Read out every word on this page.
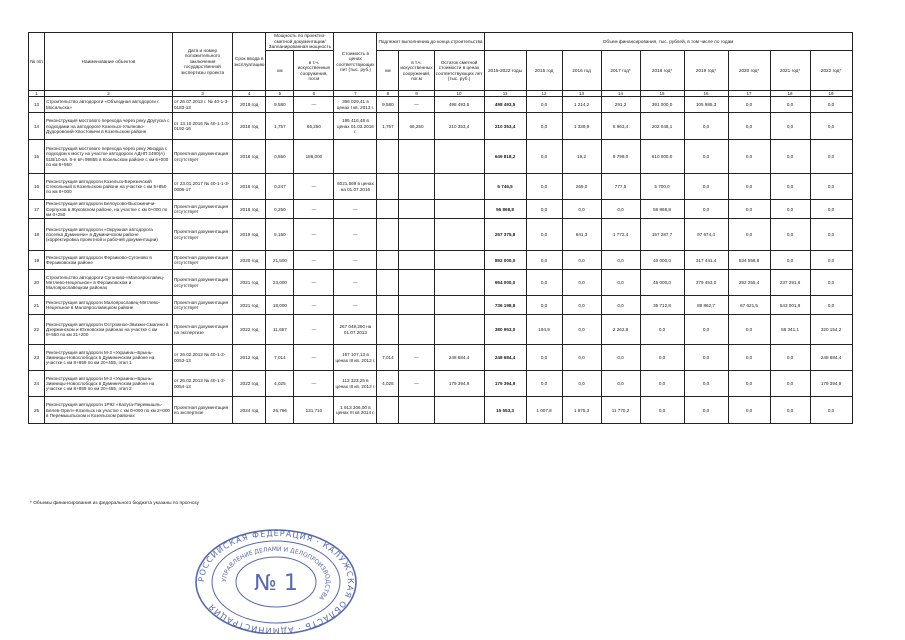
№ п/п	Наименование объектов	Дата и номер положительного заключения государственной экспертизы проекта	Срок ввода в эксплуатацию	Мощность по проектно-сметной документации/ Запланированная мощность		Стоимость в ценах соответствующих лет (тыс. руб.)	Подлежит выполнению до конца строительства			Объем финансирования, тыс. рублей, в том числе по годам								
				км	в т.ч. искусственные сооружения, пог.м		км	в т.ч. искусственных сооружений, пог.м	Остаток сметной стоимости в ценах соответствующих лет (тыс. руб.)	2015-2022 годы	2015 год	2016 год	2017 год*	2018 год*	2019 год*	2020 год*	2021 год*	2022 год*
1	2	3	4	5	6	7	8	9	10	11	12	13	14	15	16	17	18	19
13	Строительство автодороги «Объездная автодороги г. Мосальска»	от 26.07.2013 г. № 40-1-3-0183-13	2019 год	9,580	—	366 029,41 в ценах I кв. 2013 г.	9,580	—	498 493,5	498 493,5	0,0	1 214,2	291,2	391 000,0	105 985,3	0,0	0,0	0,0
14	Реконструкция мостового перехода через реку Другуска с подходами на автодороге Козельск-Ульяново-Дудоровский-Хвостовичи в Козельском районе	от 13.10.2016 № 40-1-1-3-0192-16	2018 год	1,757	66,250	195 416,48 в ценах 01.03.2016 г.	1,757	66,250	210 353,4	210 353,4	0,0	1 339,9	6 963,4	202 048,1	0,0	0,0	0,0	0,0
15	Реконструкция мостового перехода через реку Жиздра с подходом к мосту на участке автодороги АДНП 2490(А) 51В/10-вл. 6-е в/ч 99855 в Козельском районе с км 6+000 по км 6+550	Проектная документация отсутствует	2018 год	0,550	186,000					649 818,2	0,0	19,2	9 799,0	610 000,0	0,0	0,0	0,0	0,0
16	Реконструкция автодороги Козельск-Березичский Стекольный в Козельском районе на участке с км 5+850 по км 6+000	от 23.01.2017 № 40-1-1-3-0006-17	2018 год	0,247	—	6021,569 в ценах на 01.07.2016				6 746,5	0,0	269,0	777,5	5 700,0	0,0	0,0	0,0	0,0
17	Реконструкция автодороги Белоусово-Высокиничи-Серпухов в Жуковском районе, на участке с км 0+000 по км 0+250	Проектная документация отсутствует	2018 год	0,250	—	—				56 868,8	0,0	0,0	0,0	56 868,8	0,0	0,0	0,0	0,0
18	Реконструкция автодороги «Окружная автодорога поселка Думиничи» в Думиничском районе (корректировка проектной и рабочей документации)	Проектная документация отсутствует	2019 год	5,150	—	—				257 375,8	0,0	641,3	1 772,4	157 287,7	97 674,4	0,0	0,0	0,0
19	Реконструкция автодороги Ферзиково-Сугоново в Ферзиковском районе	Проектная документация отсутствует	2020 год	21,500	—	—				892 000,0	0,0	0,0	0,0	40 000,0	317 441,4	534 558,6	0,0	0,0
20	Строительство автодороги Сугоново-«Малоярославец-Мятлево-Нецельное» в Ферзиковском и Малоярославецком районах	Проектная документация отсутствует	2021 год	23,000	—	—				954 000,0	0,0	0,0	0,0	45 000,0	379 453,0	292 255,4	237 291,6	0,0
21	Реконструкция автодороги Малоярославец-Мятлево-Нецельное в Малоярославецком районе	Проектная документация отсутствует	2021 год	18,000	—	—				736 198,8	0,0	0,0	0,0	35 712,8	89 862,7	67 621,5	543 001,8	0,0
22	Реконструкция автодороги Острожное-Звизжи-Смагино в Дзержинском и Юхновском районах на участке с км 9+550 по км 21+200	Проектная документация на экспертизе	2022 год	11,657	—	267 049,290 на 01.07.2013				380 953,0	194,9	0,0	2 262,8	0,0	0,0	0,0	58 341,1	320 154,2
23	Реконструкция автодороги М-3 «Украина»-Брынь-Зимницы-Новослободск в Думиничском районе на участке с км 8+859 по км 20+455, этап 1	от 26.02.2013 № 40-1-3-0053-13	2012 год	7,014	—	157 107,13 в ценах III кв. 2012 г.	7,014	—	248 684,4	248 684,4	0,0	0,0	0,0	0,0	0,0	0,0	0,0	248 684,4
24	Реконструкция автодороги М-3 «Украина»-Брынь-Зимницы-Новослободск в Думиничском районе на участке с км 8+859 по км 20+455, этап 2	от 26.02.2013 № 40-1-3-0054-13	2022 год	4,025	—	113 323,25 в ценах III кв. 2012 г.	4,025	—	179 394,9	179 394,9	0,0	0,0	0,0	0,0	0,0	0,0	0,0	179 394,9
25	Реконструкция автодороги 1Р92 «Калуга-Перемышль-Белев-Орел»-Козельск на участке с км 0+000 по км 2+000 в Перемышльском и Козельском районах	Проектная документация из экспертизе	2024 год	26,796	131,710	1 913 306,00 в ценах III кв 2014 г.				15 553,3	1 007,8	1 875,3	11 770,2	0,0	0,0	0,0	0,0	0,0
* Объемы финансирования из федерального бюджета указаны по прогнозу
РОССИЙСКАЯ ФЕДЕРАЦИЯ · КАЛУЖСКАЯ ОБЛАСТЬ · АДМИНИСТРАЦИЯ
УПРАВЛЕНИЕ ДЕЛАМИ И ДЕЛОПРОИЗВОДСТВА
№ 1
